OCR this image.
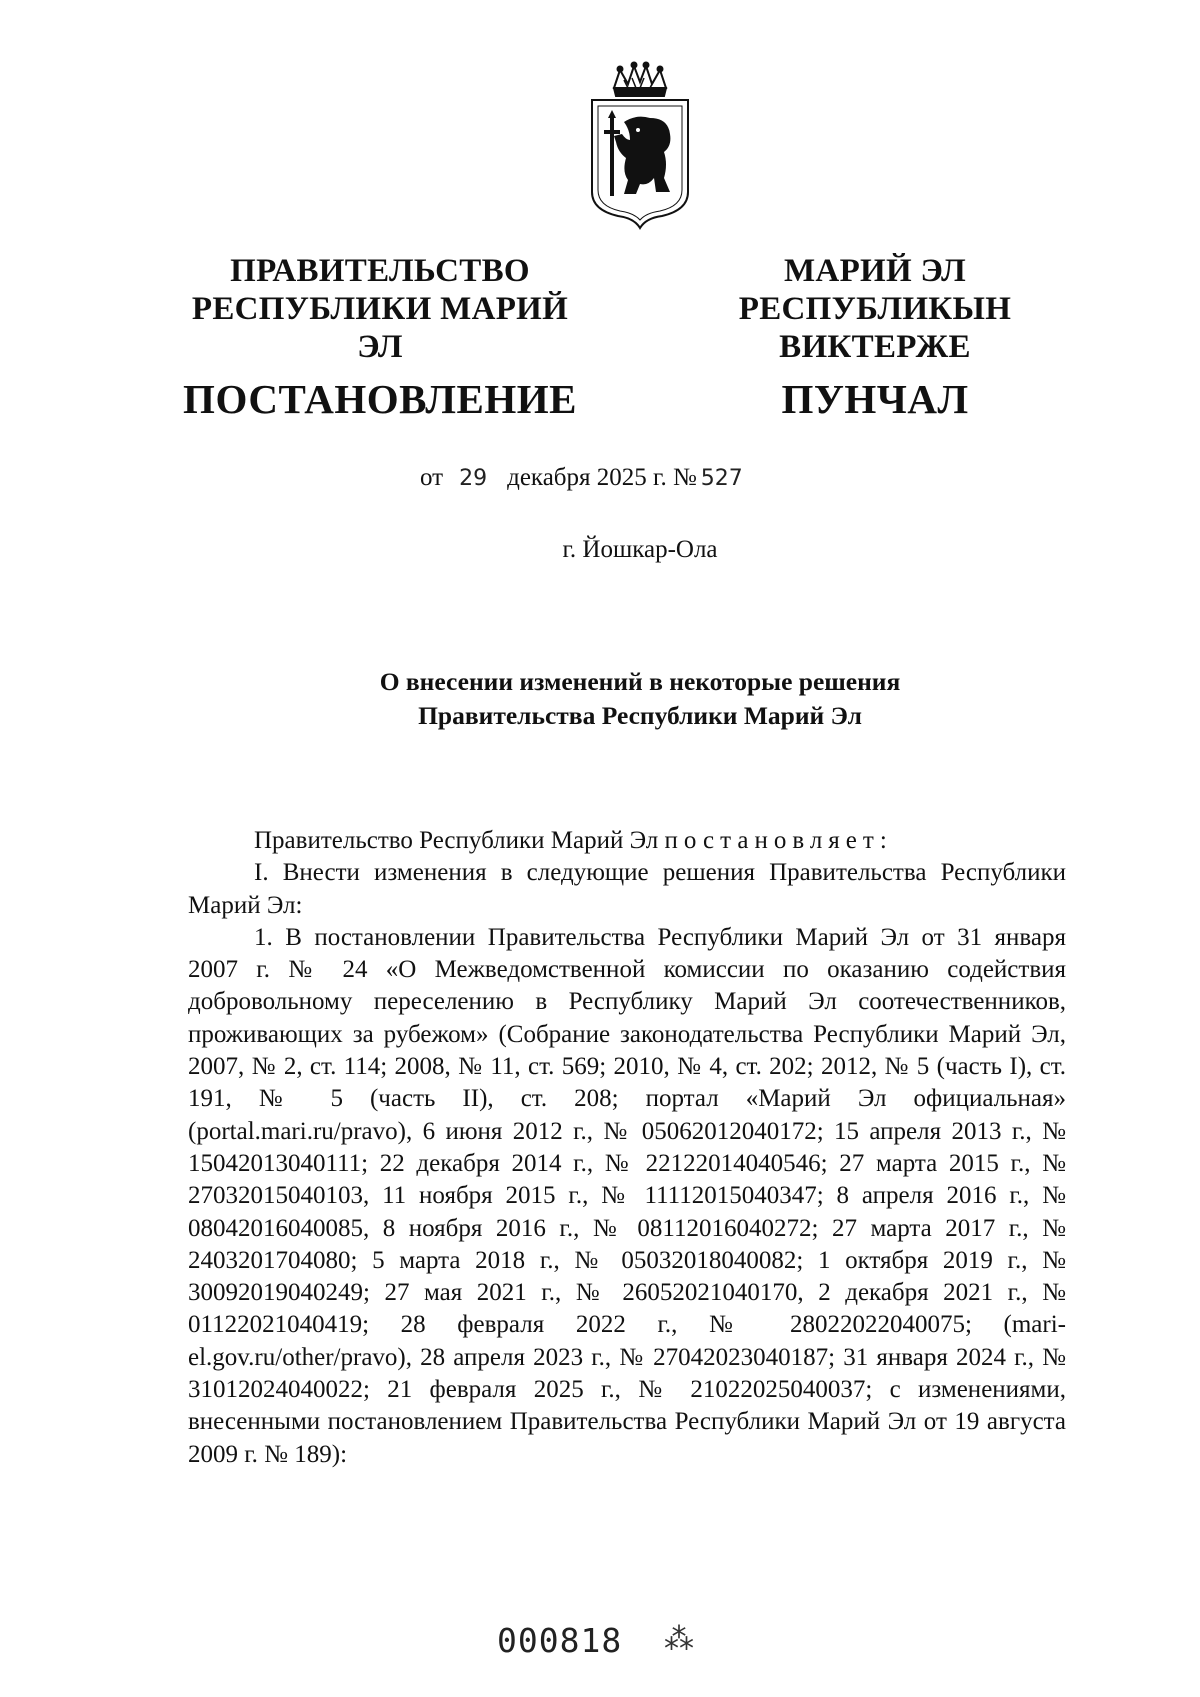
ПРАВИТЕЛЬСТВО
РЕСПУБЛИКИ МАРИЙ ЭЛ
ПОСТАНОВЛЕНИЕ
МАРИЙ ЭЛ РЕСПУБЛИКЫН
ВИКТЕРЖЕ
ПУНЧАЛ
от 29 декабря 2025 г. № 527
г. Йошкар-Ола
О внесении изменений в некоторые решения
Правительства Республики Марий Эл

Правительство Республики Марий Эл постановляет:

I. Внести изменения в следующие решения Правительства Республики Марий Эл:

1. В постановлении Правительства Республики Марий Эл от 31 января 2007 г. № 24 «О Межведомственной комиссии по оказанию содействия добровольному переселению в Республику Марий Эл соотечественников, проживающих за рубежом» (Собрание законодательства Республики Марий Эл, 2007, № 2, ст. 114; 2008, № 11, ст. 569; 2010, № 4, ст. 202; 2012, № 5 (часть I), ст. 191, № 5 (часть II), ст. 208; портал «Марий Эл официальная» (portal.mari.ru/pravo), 6 июня 2012 г., № 05062012040172; 15 апреля 2013 г., № 15042013040111; 22 декабря 2014 г., № 22122014040546; 27 марта 2015 г., № 27032015040103, 11 ноября 2015 г., № 11112015040347; 8 апреля 2016 г., № 08042016040085, 8 ноября 2016 г., № 08112016040272; 27 марта 2017 г., № 2403201704080; 5 марта 2018 г., № 05032018040082; 1 октября 2019 г., № 30092019040249; 27 мая 2021 г., № 26052021040170, 2 декабря 2021 г., № 01122021040419; 28 февраля 2022 г., № 28022022040075; (mari-el.gov.ru/other/pravo), 28 апреля 2023 г., № 27042023040187; 31 января 2024 г., № 31012024040022; 21 февраля 2025 г., № 21022025040037; с изменениями, внесенными постановлением Правительства Республики Марий Эл от 19 августа 2009 г. № 189):

000818 ⁂
